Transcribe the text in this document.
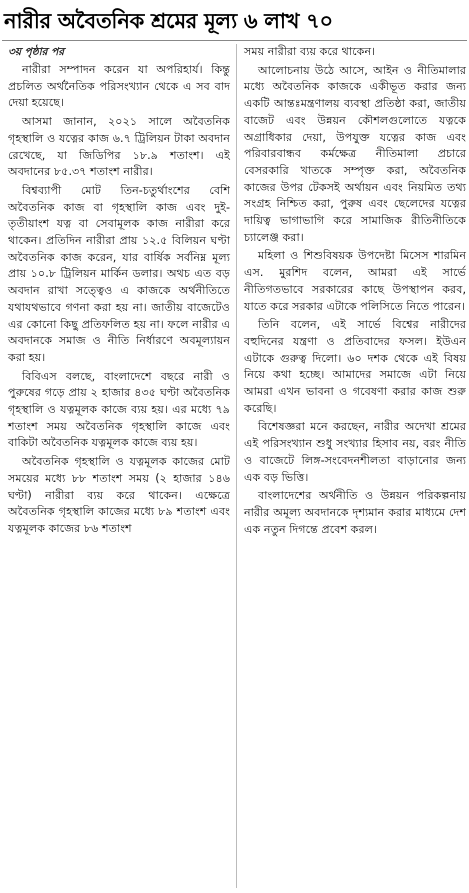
নারীর অবৈতনিক শ্রমের মূল্য ৬ লাখ ৭০
৩য় পৃষ্ঠার পর

নারীরা সম্পাদন করেন যা অপরিহার্য। কিন্তু প্রচলিত অর্থনৈতিক পরিসংখ্যান থেকে এ সব বাদ দেয়া হয়েছে।

আসমা জানান, ২০২১ সালে অবৈতনিক গৃহস্থালি ও যত্নের কাজ ৬.৭ ট্রিলিয়ন টাকা অবদান রেখেছে, যা জিডিপির ১৮.৯ শতাংশ। এই অবদানের ৮৫.৩৭ শতাংশ নারীর।

বিশ্বব্যাপী মোট তিন-চতুর্থাংশের বেশি অবৈতনিক কাজ বা গৃহস্থালি কাজ এবং দুই-তৃতীয়াংশ যত্ন বা সেবামূলক কাজ নারীরা করে থাকেন। প্রতিদিন নারীরা প্রায় ১২.৫ বিলিয়ন ঘণ্টা অবৈতনিক কাজ করেন, যার বার্ষিক সর্বনিম্ন মূল্য প্রায় ১০.৮ ট্রিলিয়ন মার্কিন ডলার। অথচ এত বড় অবদান রাখা সত্ত্বেও এ কাজকে অর্থনীতিতে যথাযথভাবে গণনা করা হয় না। জাতীয় বাজেটেও এর কোনো কিছু প্রতিফলিত হয় না। ফলে নারীর এ অবদানকে সমাজ ও নীতি নির্ধারণে অবমূল্যায়ন করা হয়।

বিবিএস বলছে, বাংলাদেশে বছরে নারী ও পুরুষের গড়ে প্রায় ২ হাজার ৪৩৫ ঘণ্টা অবৈতনিক গৃহস্থালি ও যত্নমূলক কাজে ব্যয় হয়। এর মধ্যে ৭৯ শতাংশ সময় অবৈতনিক গৃহস্থালি কাজে এবং বাকিটা অবৈতনিক যত্নমূলক কাজে ব্যয় হয়।

অবৈতনিক গৃহস্থালি ও যত্নমূলক কাজের মোট সময়ের মধ্যে ৮৮ শতাংশ সময় (২ হাজার ১৪৬ ঘণ্টা) নারীরা ব্যয় করে থাকেন। এক্ষেত্রে অবৈতনিক গৃহস্থালি কাজের মধ্যে ৮৯ শতাংশ এবং যত্নমূলক কাজের ৮৬ শতাংশ

সময় নারীরা ব্যয় করে থাকেন।

আলোচনায় উঠে আসে, আইন ও নীতিমালার মধ্যে অবৈতনিক কাজকে একীভূত করার জন্য একটি আন্তঃমন্ত্রণালয় ব্যবস্থা প্রতিষ্ঠা করা, জাতীয় বাজেট এবং উন্নয়ন কৌশলগুলোতে যত্নকে অগ্রাধিকার দেয়া, উপযুক্ত যত্নের কাজ এবং পরিবারবান্ধব কর্মক্ষেত্র নীতিমালা প্রচারে বেসরকারি খাতকে সম্পৃক্ত করা, অবৈতনিক কাজের উপর টেকসই অর্থায়ন এবং নিয়মিত তথ্য সংগ্রহ নিশ্চিত করা, পুরুষ এবং ছেলেদের যত্নের দায়িত্ব ভাগাভাগি করে সামাজিক রীতিনীতিকে চ্যালেঞ্জ করা।

মহিলা ও শিশুবিষয়ক উপদেষ্টা মিসেস শারমিন এস. মুরশিদ বলেন, আমরা এই সার্ভে নীতিগতভাবে সরকারের কাছে উপস্থাপন করব, যাতে করে সরকার এটাকে পলিসিতে নিতে পারেন।

তিনি বলেন, এই সার্ভে বিশ্বের নারীদের বহুদিনের যন্ত্রণা ও প্রতিবাদের ফসল। ইউএন এটাকে গুরুত্ব দিলো। ৬০ দশক থেকে এই বিষয় নিয়ে কথা হচ্ছে। আমাদের সমাজে এটা নিয়ে আমরা এখন ভাবনা ও গবেষণা করার কাজ শুরু করেছি।

বিশেষজ্ঞরা মনে করছেন, নারীর অদেখা শ্রমের এই পরিসংখ্যান শুধু সংখ্যার হিসাব নয়, বরং নীতি ও বাজেটে লিঙ্গ-সংবেদনশীলতা বাড়ানোর জন্য এক বড় ভিত্তি।

বাংলাদেশের অর্থনীতি ও উন্নয়ন পরিকল্পনায় নারীর অমূল্য অবদানকে দৃশ্যমান করার মাধ্যমে দেশ এক নতুন দিগন্তে প্রবেশ করল।
